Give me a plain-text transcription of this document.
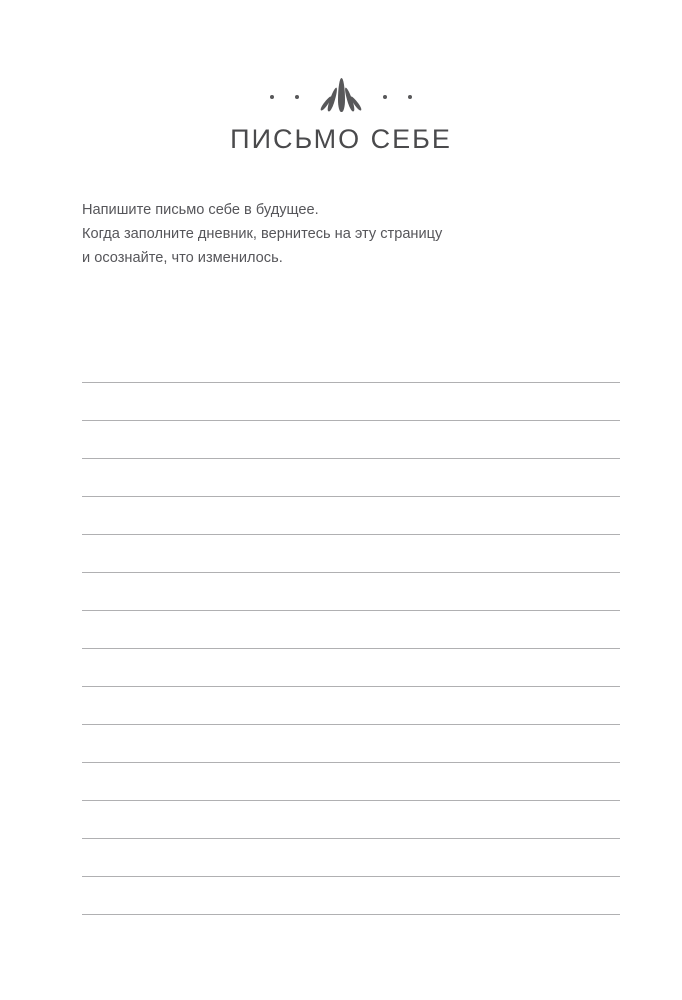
ПИСЬМО СЕБЕ
Напишите письмо себе в будущее.
Когда заполните дневник, вернитесь на эту страницу
и осознайте, что изменилось.
